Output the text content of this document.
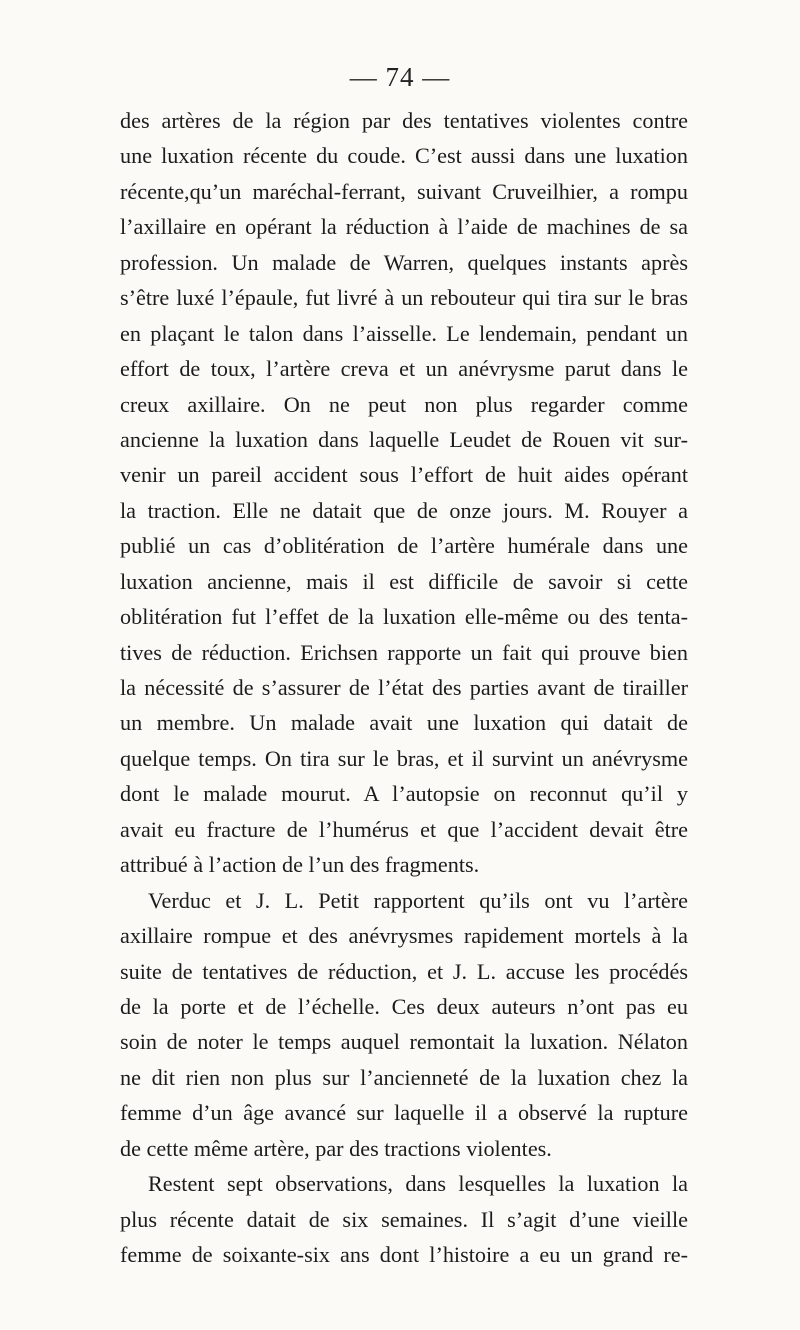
— 74 —
des artères de la région par des tentatives violentes contre
une luxation récente du coude. C’est aussi dans une luxation
récente,qu’un maréchal-ferrant, suivant Cruveilhier, a rompu
l’axillaire en opérant la réduction à l’aide de machines de sa
profession. Un malade de Warren, quelques instants après
s’être luxé l’épaule, fut livré à un rebouteur qui tira sur le bras
en plaçant le talon dans l’aisselle. Le lendemain, pendant un
effort de toux, l’artère creva et un anévrysme parut dans le
creux axillaire. On ne peut non plus regarder comme
ancienne la luxation dans laquelle Leudet de Rouen vit sur-
venir un pareil accident sous l’effort de huit aides opérant
la traction. Elle ne datait que de onze jours. M. Rouyer a
publié un cas d’oblitération de l’artère humérale dans une
luxation ancienne, mais il est difficile de savoir si cette
oblitération fut l’effet de la luxation elle-même ou des tenta-
tives de réduction. Erichsen rapporte un fait qui prouve bien
la nécessité de s’assurer de l’état des parties avant de tirailler
un membre. Un malade avait une luxation qui datait de
quelque temps. On tira sur le bras, et il survint un anévrysme
dont le malade mourut. A l’autopsie on reconnut qu’il y
avait eu fracture de l’humérus et que l’accident devait être
attribué à l’action de l’un des fragments.
Verduc et J. L. Petit rapportent qu’ils ont vu l’artère
axillaire rompue et des anévrysmes rapidement mortels à la
suite de tentatives de réduction, et J. L. accuse les procédés
de la porte et de l’échelle. Ces deux auteurs n’ont pas eu
soin de noter le temps auquel remontait la luxation. Nélaton
ne dit rien non plus sur l’ancienneté de la luxation chez la
femme d’un âge avancé sur laquelle il a observé la rupture
de cette même artère, par des tractions violentes.
Restent sept observations, dans lesquelles la luxation la
plus récente datait de six semaines. Il s’agit d’une vieille
femme de soixante-six ans dont l’histoire a eu un grand re-
